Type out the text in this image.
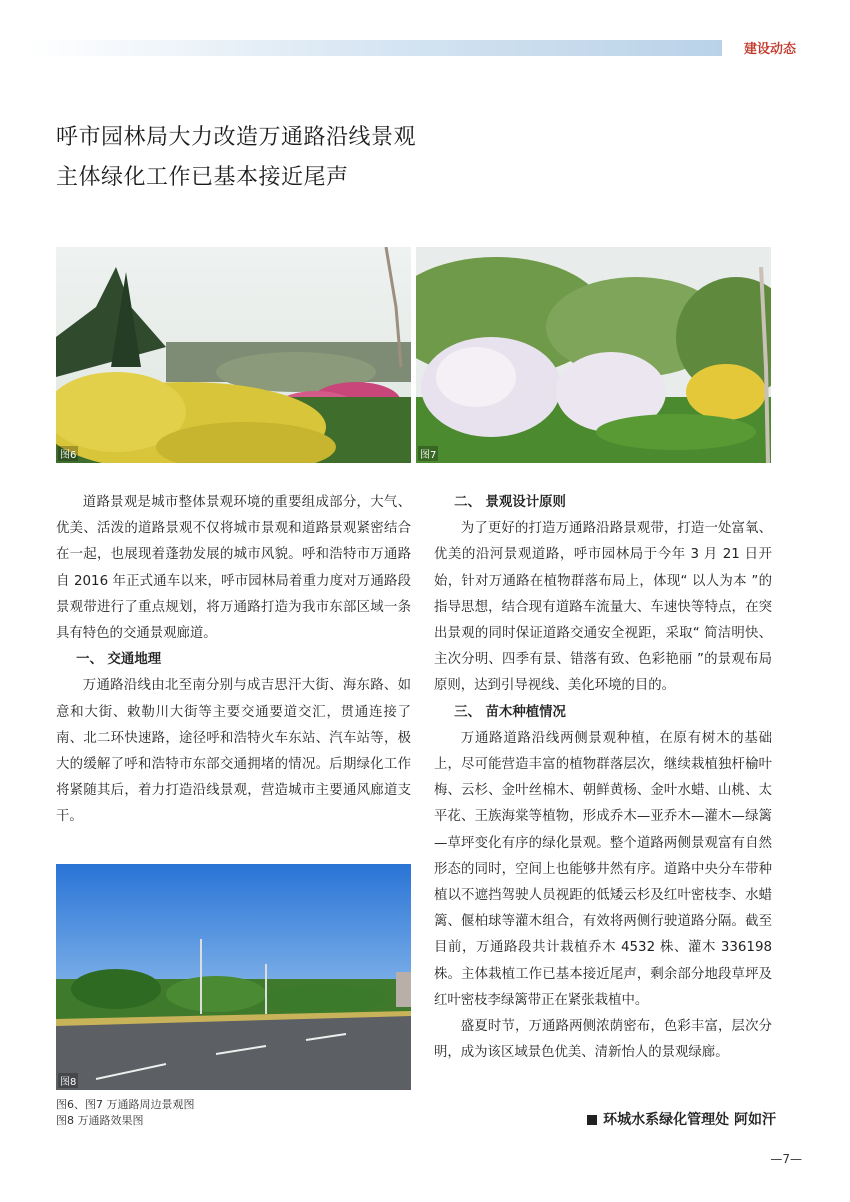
建设动态
呼市园林局大力改造万通路沿线景观
主体绿化工作已基本接近尾声
图6	图7

道路景观是城市整体景观环境的重要组成部分，大气、优美、活泼的道路景观不仅将城市景观和道路景观紧密结合在一起，也展现着蓬勃发展的城市风貌。呼和浩特市万通路自 2016 年正式通车以来，呼市园林局着重力度对万通路段景观带进行了重点规划，将万通路打造为我市东部区域一条具有特色的交通景观廊道。

一、 交通地理

万通路沿线由北至南分别与成吉思汗大街、海东路、如意和大街、敕勒川大街等主要交通要道交汇，贯通连接了南、北二环快速路，途径呼和浩特火车东站、汽车站等，极大的缓解了呼和浩特市东部交通拥堵的情况。后期绿化工作将紧随其后，着力打造沿线景观，营造城市主要通风廊道支干。

图8
图6、图7 万通路周边景观图
图8 万通路效果图

二、 景观设计原则

为了更好的打造万通路沿路景观带，打造一处富氧、优美的沿河景观道路，呼市园林局于今年 3 月 21 日开始，针对万通路在植物群落布局上，体现“ 以人为本 ”的指导思想，结合现有道路车流量大、车速快等特点，在突出景观的同时保证道路交通安全视距，采取“ 简洁明快、主次分明、四季有景、错落有致、色彩艳丽 ”的景观布局原则，达到引导视线、美化环境的目的。

三、 苗木种植情况

万通路道路沿线两侧景观种植，在原有树木的基础上，尽可能营造丰富的植物群落层次，继续栽植独杆榆叶梅、云杉、金叶丝棉木、朝鲜黄杨、金叶水蜡、山桃、太平花、王族海棠等植物，形成乔木—亚乔木—灌木—绿篱—草坪变化有序的绿化景观。整个道路两侧景观富有自然形态的同时，空间上也能够井然有序。道路中央分车带种植以不遮挡驾驶人员视距的低矮云杉及红叶密枝李、水蜡篱、偃柏球等灌木组合，有效将两侧行驶道路分隔。截至目前，万通路段共计栽植乔木 4532 株、灌木 336198 株。主体栽植工作已基本接近尾声，剩余部分地段草坪及红叶密枝李绿篱带正在紧张栽植中。

盛夏时节，万通路两侧浓荫密布，色彩丰富，层次分明，成为该区域景色优美、清新怡人的景观绿廊。

环城水系绿化管理处 阿如汗
—7—
